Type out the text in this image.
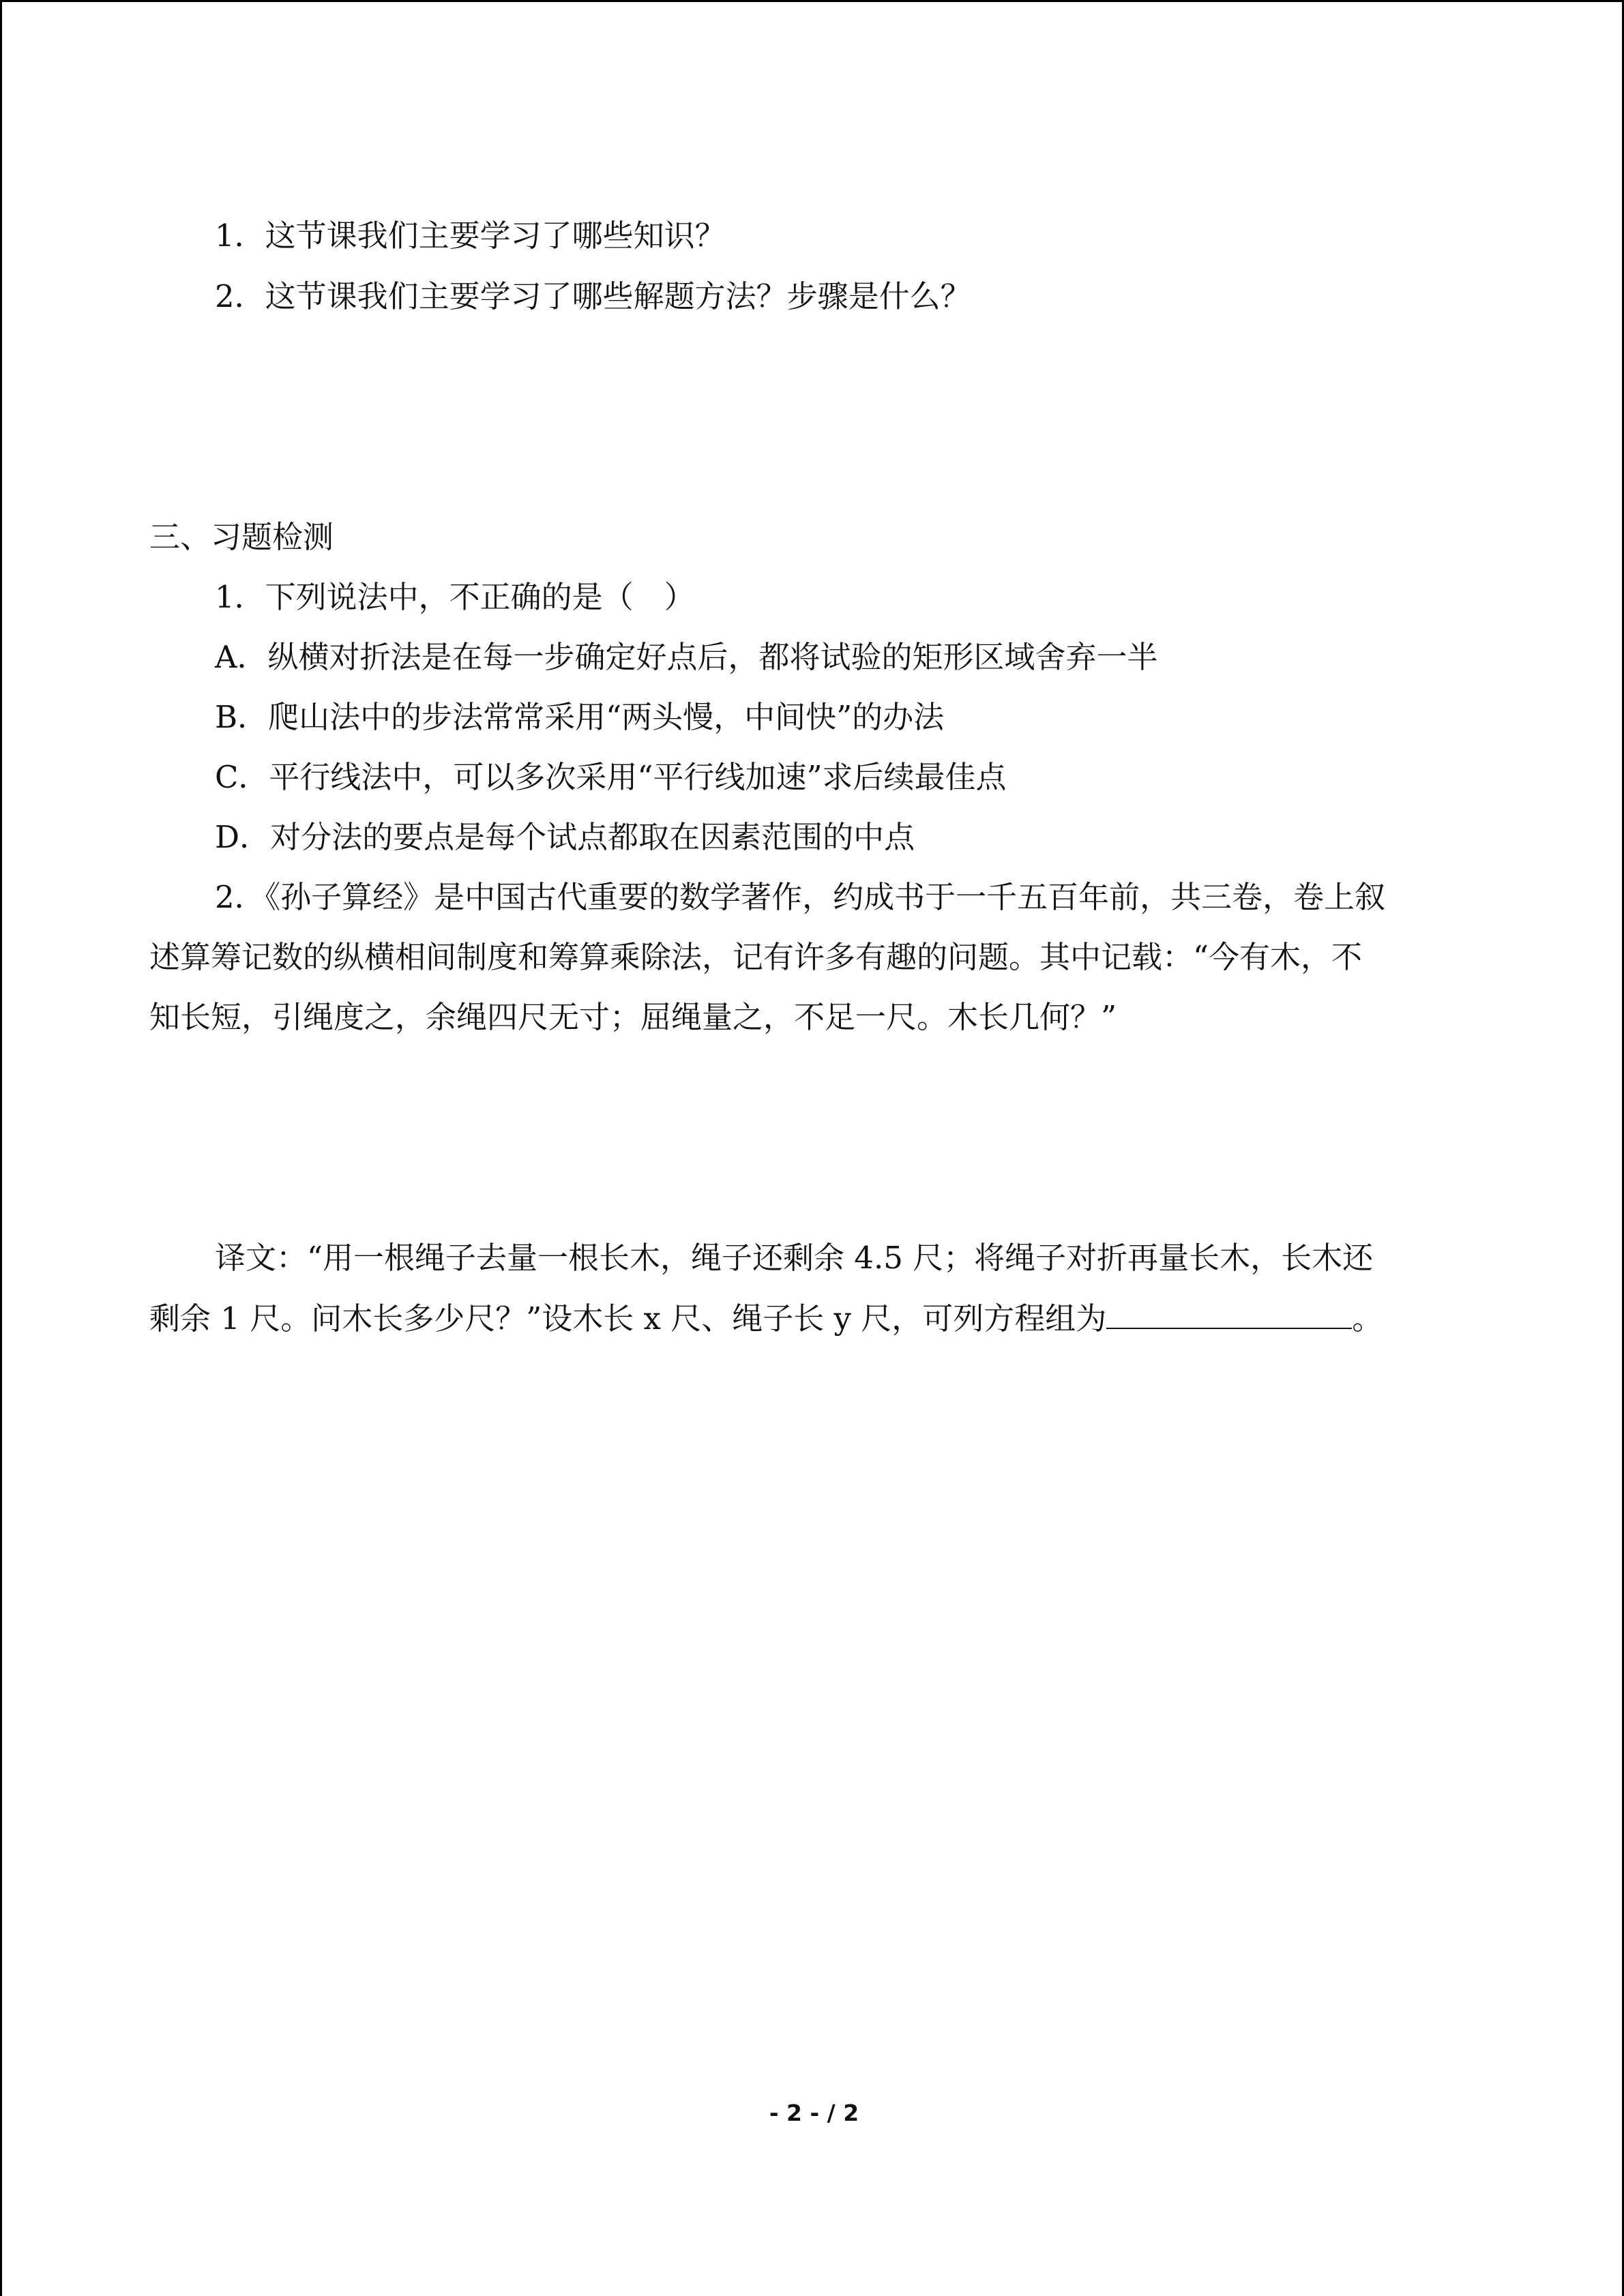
1．这节课我们主要学习了哪些知识？
2．这节课我们主要学习了哪些解题方法？步骤是什么？
三、习题检测
1．下列说法中，不正确的是（　）
A．纵横对折法是在每一步确定好点后，都将试验的矩形区域舍弃一半
B．爬山法中的步法常常采用“两头慢，中间快”的办法
C．平行线法中，可以多次采用“平行线加速”求后续最佳点
D．对分法的要点是每个试点都取在因素范围的中点
2．《孙子算经》是中国古代重要的数学著作，约成书于一千五百年前，共三卷，卷上叙
述算筹记数的纵横相间制度和筹算乘除法，记有许多有趣的问题。其中记载：“今有木，不
知长短，引绳度之，余绳四尺无寸；屈绳量之，不足一尺。木长几何？”
译文：“用一根绳子去量一根长木，绳子还剩余 4.5 尺；将绳子对折再量长木，长木还
剩余 1 尺。问木长多少尺？”设木长 x 尺、绳子长 y 尺，可列方程组为	。
- 2 - / 2
